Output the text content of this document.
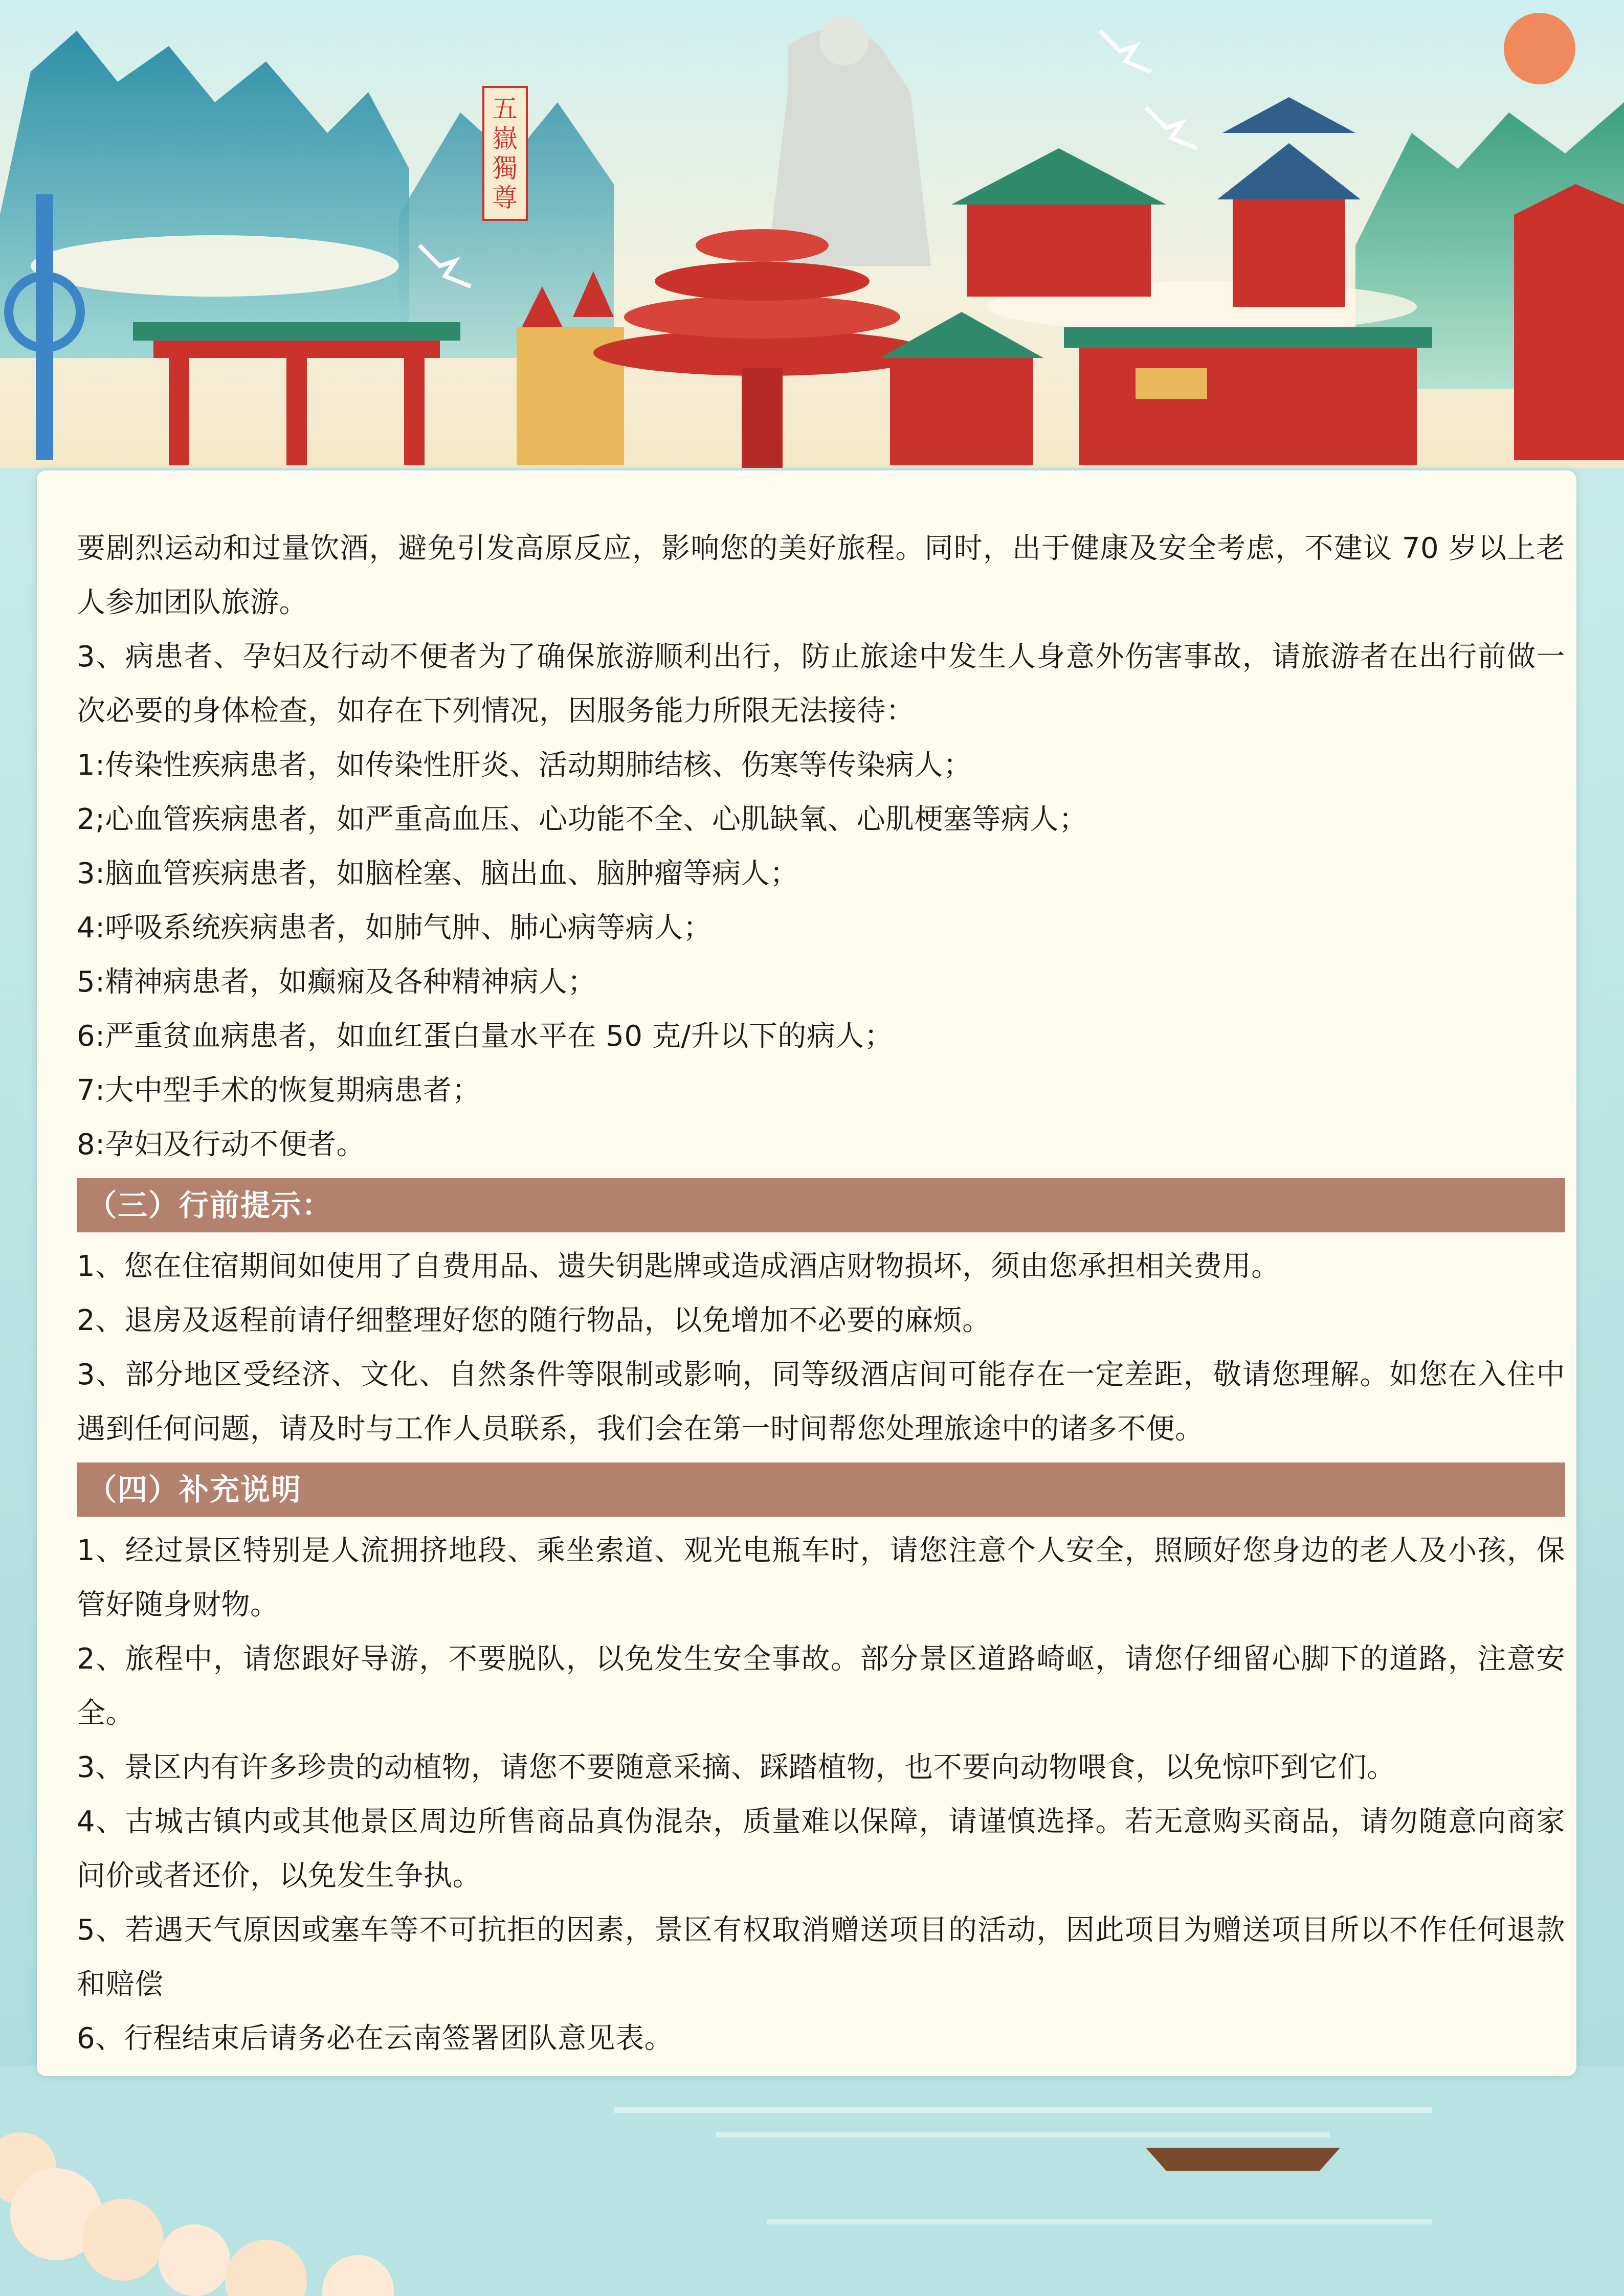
五嶽獨尊

要剧烈运动和过量饮酒，避免引发高原反应，影响您的美好旅程。同时，出于健康及安全考虑，不建议 70 岁以上老人参加团队旅游。

3、病患者、孕妇及行动不便者为了确保旅游顺利出行，防止旅途中发生人身意外伤害事故，请旅游者在出行前做一次必要的身体检查，如存在下列情况，因服务能力所限无法接待：

1:传染性疾病患者，如传染性肝炎、活动期肺结核、伤寒等传染病人；

2;心血管疾病患者，如严重高血压、心功能不全、心肌缺氧、心肌梗塞等病人；

3:脑血管疾病患者，如脑栓塞、脑出血、脑肿瘤等病人；

4:呼吸系统疾病患者，如肺气肿、肺心病等病人；

5:精神病患者，如癫痫及各种精神病人；

6:严重贫血病患者，如血红蛋白量水平在 50 克/升以下的病人；

7:大中型手术的恢复期病患者；

8:孕妇及行动不便者。

（三）行前提示：

1、您在住宿期间如使用了自费用品、遗失钥匙牌或造成酒店财物损坏，须由您承担相关费用。

2、退房及返程前请仔细整理好您的随行物品，以免增加不必要的麻烦。

3、部分地区受经济、文化、自然条件等限制或影响，同等级酒店间可能存在一定差距，敬请您理解。如您在入住中遇到任何问题，请及时与工作人员联系，我们会在第一时间帮您处理旅途中的诸多不便。

（四）补充说明

1、经过景区特别是人流拥挤地段、乘坐索道、观光电瓶车时，请您注意个人安全，照顾好您身边的老人及小孩，保管好随身财物。

2、旅程中，请您跟好导游，不要脱队，以免发生安全事故。部分景区道路崎岖，请您仔细留心脚下的道路，注意安全。

3、景区内有许多珍贵的动植物，请您不要随意采摘、踩踏植物，也不要向动物喂食，以免惊吓到它们。

4、古城古镇内或其他景区周边所售商品真伪混杂，质量难以保障，请谨慎选择。若无意购买商品，请勿随意向商家问价或者还价，以免发生争执。

5、若遇天气原因或塞车等不可抗拒的因素，景区有权取消赠送项目的活动，因此项目为赠送项目所以不作任何退款和赔偿

6、行程结束后请务必在云南签署团队意见表。
